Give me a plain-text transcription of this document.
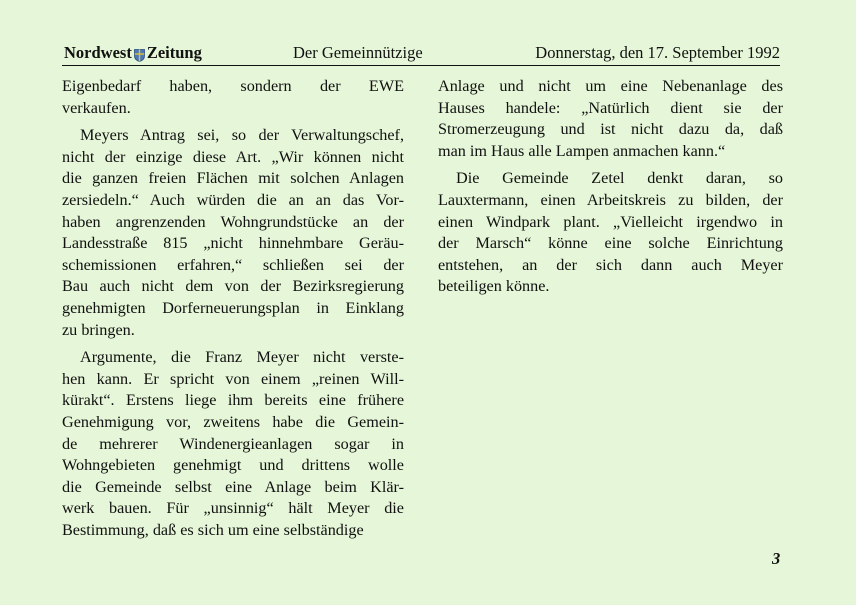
Nordwest Zeitung	Der Gemeinnützige	Donnerstag, den 17. September 1992
Eigenbedarf haben, sondern der EWE
verkaufen.
Meyers Antrag sei, so der Verwaltungschef,
nicht der einzige diese Art. „Wir können nicht
die ganzen freien Flächen mit solchen Anlagen
zersiedeln.“ Auch würden die an an das Vor-
haben angrenzenden Wohngrundstücke an der
Landesstraße 815 „nicht hinnehmbare Geräu-
schemissionen erfahren,“ schließen sei der
Bau auch nicht dem von der Bezirksregierung
genehmigten Dorferneuerungsplan in Einklang
zu bringen.
Argumente, die Franz Meyer nicht verste-
hen kann. Er spricht von einem „reinen Will-
kürakt“. Erstens liege ihm bereits eine frühere
Genehmigung vor, zweitens habe die Gemein-
de mehrerer Windenergieanlagen sogar in
Wohngebieten genehmigt und drittens wolle
die Gemeinde selbst eine Anlage beim Klär-
werk bauen. Für „unsinnig“ hält Meyer die
Bestimmung, daß es sich um eine selbständige
Anlage und nicht um eine Nebenanlage des
Hauses handele: „Natürlich dient sie der
Stromerzeugung und ist nicht dazu da, daß
man im Haus alle Lampen anmachen kann.“
Die Gemeinde Zetel denkt daran, so
Lauxtermann, einen Arbeitskreis zu bilden, der
einen Windpark plant. „Vielleicht irgendwo in
der Marsch“ könne eine solche Einrichtung
entstehen, an der sich dann auch Meyer
beteiligen könne.
3
